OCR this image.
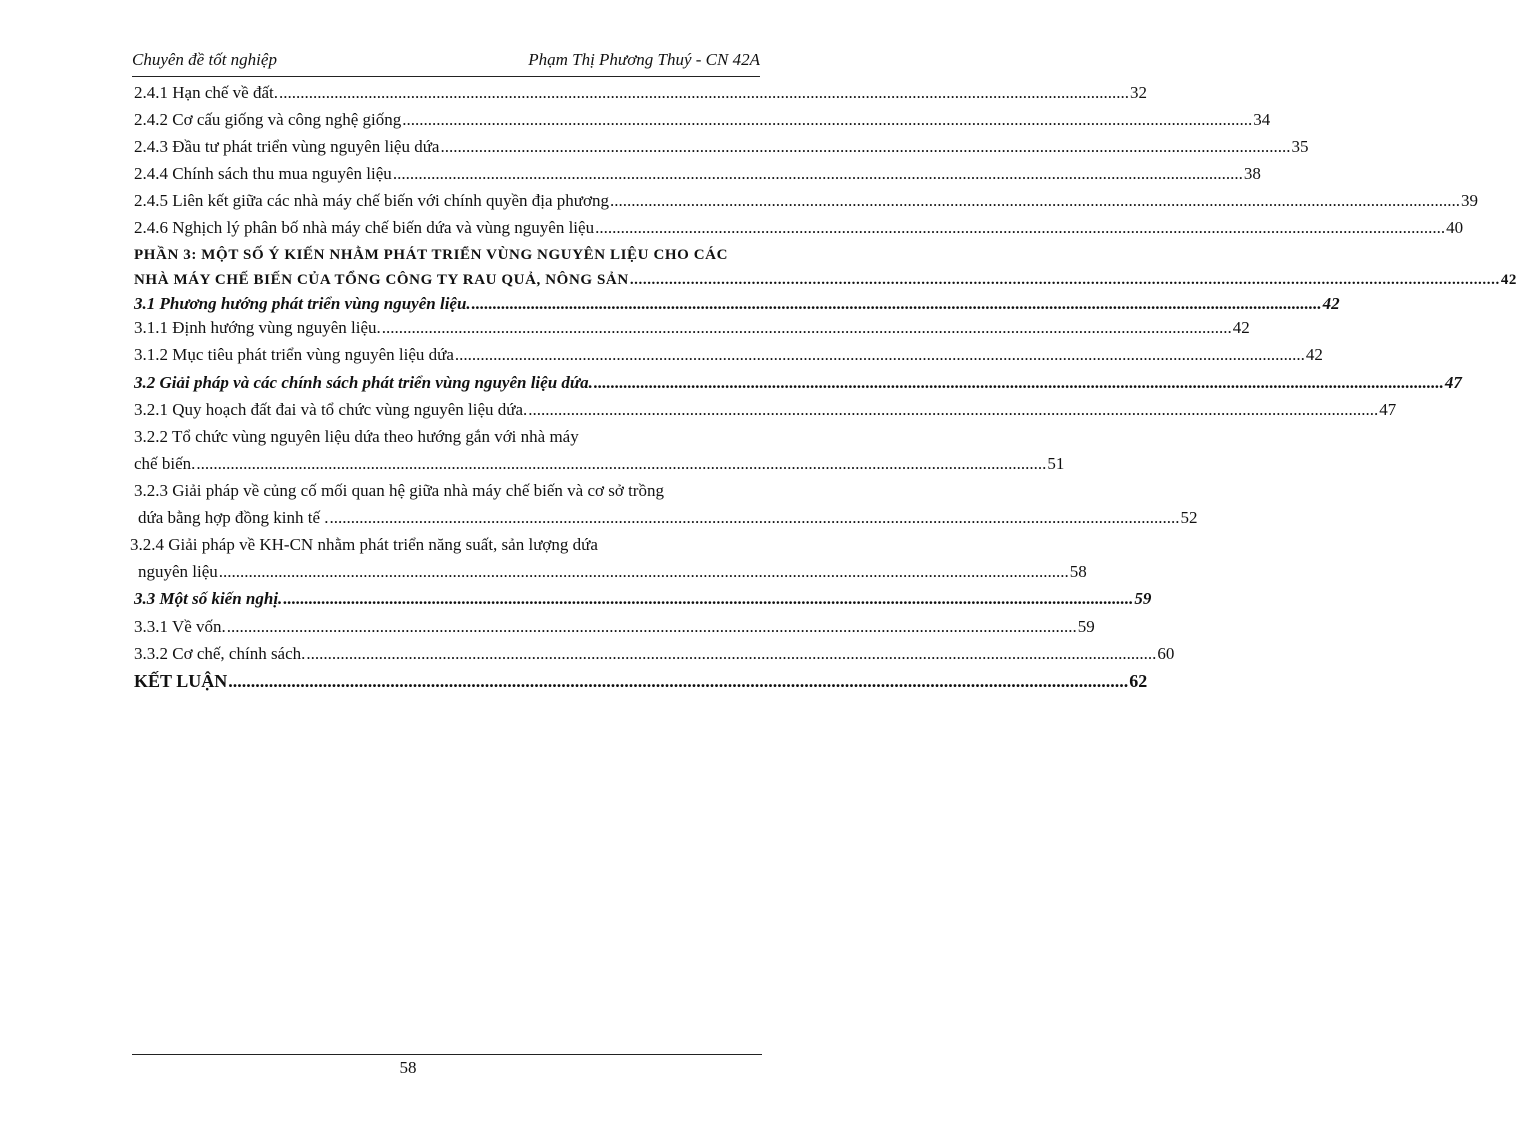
Chuyên đề tốt nghiệp	Phạm Thị Phương Thuý - CN 42A
2.4.1 Hạn chế về đất. ........................................................................................................................................................................................................ 32
2.4.2 Cơ cấu giống và công nghệ giống ........................................................................................................................................................................................................ 34
2.4.3 Đầu tư phát triển vùng nguyên liệu dứa ........................................................................................................................................................................................................ 35
2.4.4 Chính sách thu mua nguyên liệu ........................................................................................................................................................................................................ 38
2.4.5 Liên kết giữa các nhà máy chế biến với chính quyền địa phương ........................................................................................................................................................................................................ 39
2.4.6 Nghịch lý phân bố nhà máy chế biến dứa và vùng nguyên liệu ........................................................................................................................................................................................................ 40
PHẦN 3: MỘT SỐ Ý KIẾN NHẰM PHÁT TRIỂN VÙNG NGUYÊN LIỆU CHO CÁC
NHÀ MÁY CHẾ BIẾN CỦA TỔNG CÔNG TY RAU QUẢ, NÔNG SẢN ........................................................................................................................................................................................................ 42
3.1 Phương hướng phát triển vùng nguyên liệu. ........................................................................................................................................................................................................ 42
3.1.1 Định hướng vùng nguyên liệu. ........................................................................................................................................................................................................ 42
3.1.2 Mục tiêu phát triển vùng nguyên liệu dứa ........................................................................................................................................................................................................ 42
3.2 Giải pháp và các chính sách phát triển vùng nguyên liệu dứa. ........................................................................................................................................................................................................ 47
3.2.1 Quy hoạch đất đai và tổ chức vùng nguyên liệu dứa. ........................................................................................................................................................................................................ 47
3.2.2 Tổ chức vùng nguyên liệu dứa theo hướng gắn với nhà máy
chế biến. ........................................................................................................................................................................................................ 51
3.2.3 Giải pháp về củng cố mối quan hệ giữa nhà máy chế biến và cơ sở trồng
dứa bằng hợp đồng kinh tế . ........................................................................................................................................................................................................ 52
3.2.4 Giải pháp về KH-CN nhằm phát triển năng suất, sản lượng dứa
nguyên liệu ........................................................................................................................................................................................................ 58
3.3 Một số kiến nghị. ........................................................................................................................................................................................................ 59
3.3.1 Về vốn. ........................................................................................................................................................................................................ 59
3.3.2 Cơ chế, chính sách. ........................................................................................................................................................................................................ 60
KẾT LUẬN ........................................................................................................................................................................................................ 62
58
